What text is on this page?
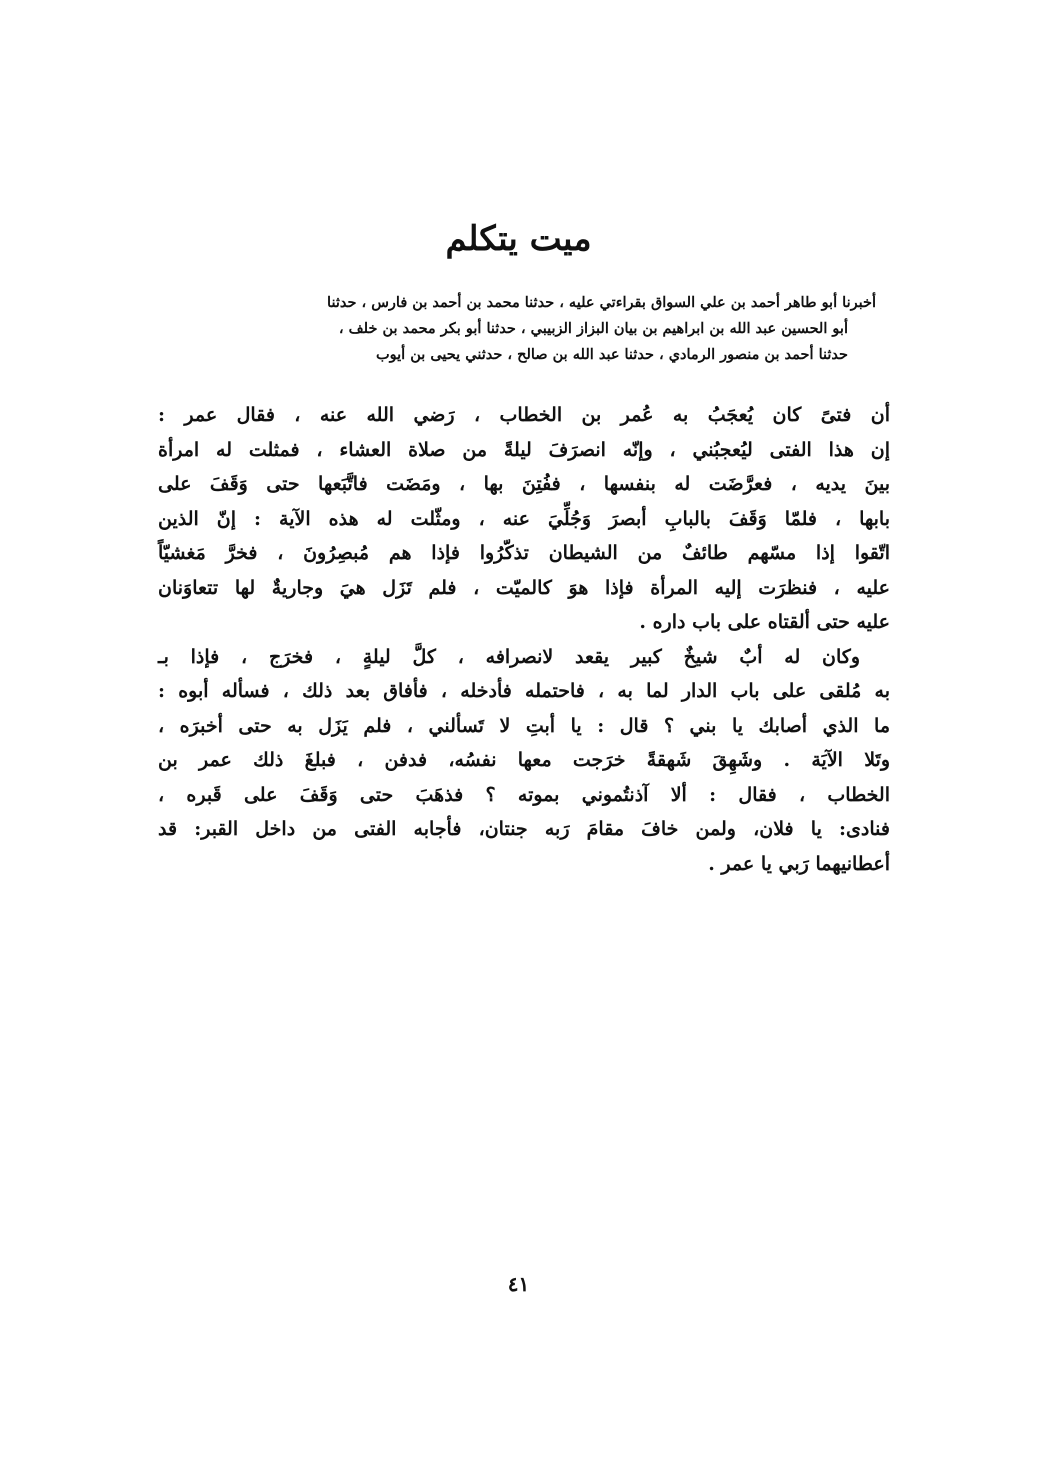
ميت يتكلم
أخبرنا أبو طاهر أحمد بن علي السواق بقراءتي عليه ، حدثنا محمد بن أحمد بن فارس ، حدثنا
أبو الحسين عبد الله بن ابراهيم بن بيان البزاز الزبيبي ، حدثنا أبو بكر محمد بن خلف ،
حدثنا أحمد بن منصور الرمادي ، حدثنا عبد الله بن صالح ، حدثني يحيى بن أيوب
أن فتىً كان يُعجَبُ به عُمر بن الخطاب ، رَضي الله عنه ، فقال عمر :
إن هذا الفتى ليُعجبُني ، وإنّه انصرَفَ ليلةً من صلاة العشاء ، فمثلت له امرأة
بينَ يديه ، فعرَّضَت له بنفسها ، ففُتِنَ بها ، ومَضَت فاتَّبَعها حتى وَقَفَ على
بابها ، فلمّا وَقَفَ بالبابِ أبصرَ وَجُلِّيَ عنه ، ومثّلت له هذه الآية : إنّ الذين
اتّقوا إذا مسّهم طائفٌ من الشيطان تذكّرُوا فإذا هم مُبصِرُونَ ، فخرَّ مَغشيّاً
عليه ، فنظرَت إليه المرأة فإذا هوَ كالميّت ، فلم تَزَل هيَ وجاريةٌ لها تتعاوَنان
عليه حتى ألقتاه على باب داره .
وكان له أبٌ شيخٌ كبير يقعد لانصرافه ، كلَّ ليلةٍ ، فخرَج ، فإذا بـ
به مُلقى على باب الدار لما به ، فاحتمله فأدخله ، فأفاق بعد ذلك ، فسأله أبوه :
ما الذي أصابك يا بني ؟ قال : يا أبتِ لا تَسألني ، فلم يَزَل به حتى أخبرَه ،
وتَلا الآيَة . وشَهِقَ شَهقةً خرَجت معها نفسُه، فدفن ، فبلغَ ذلك عمر بن
الخطاب ، فقال : ألا آذنتُموني بموته ؟ فذهَبَ حتى وَقَفَ على قَبره ،
فنادى: يا فلان، ولمن خافَ مقامَ رَبه جنتان، فأجابه الفتى من داخل القبر: قد
أعطانيهما رَبي يا عمر .
٤١
